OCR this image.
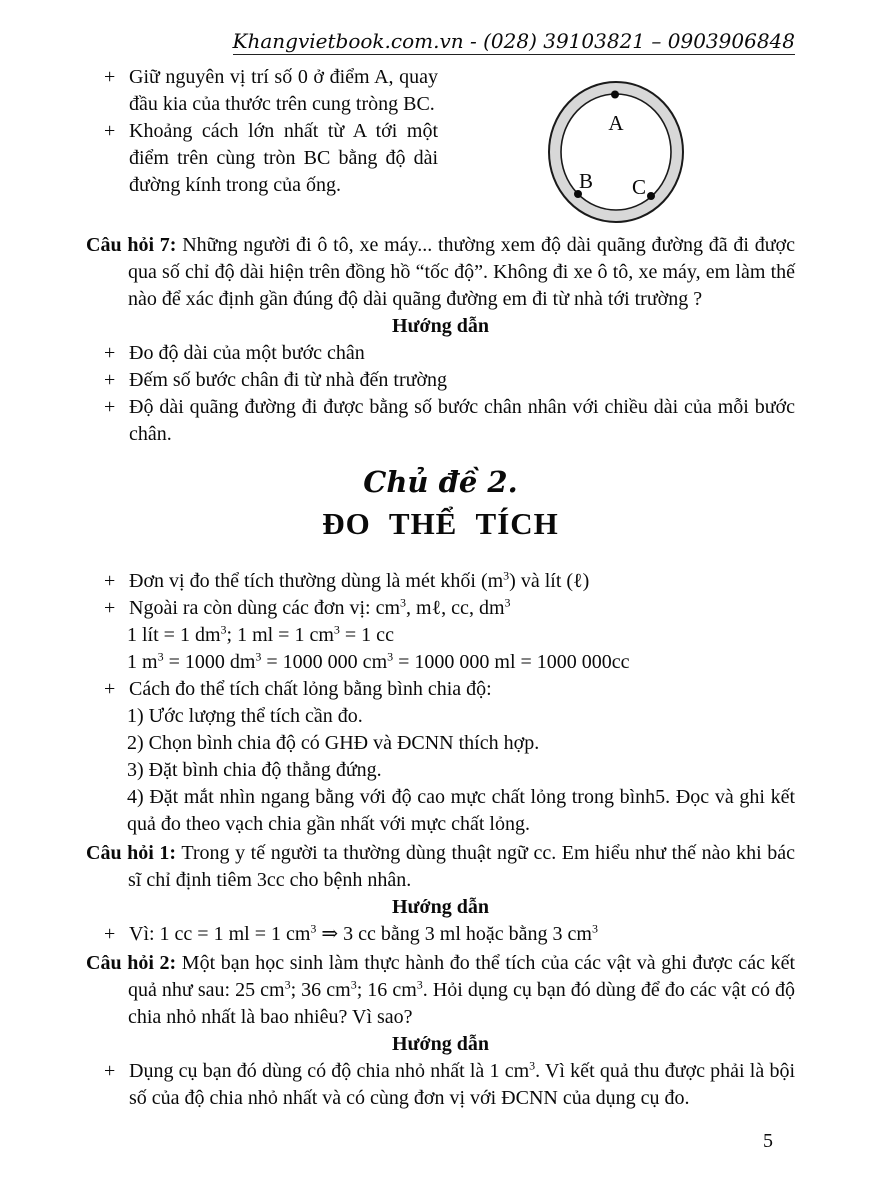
Khangvietbook.com.vn - (028) 39103821 – 0903906848
+ Giữ nguyên vị trí số 0 ở điểm A, quay đầu kia của thước trên cung tròng BC.
+ Khoảng cách lớn nhất từ A tới một điểm trên cùng tròn BC bằng độ dài đường kính trong của ống.
A
B C

Câu hỏi 7: Những người đi ô tô, xe máy... thường xem độ dài quãng đường đã đi được qua số chỉ độ dài hiện trên đồng hồ “tốc độ”. Không đi xe ô tô, xe máy, em làm thế nào để xác định gần đúng độ dài quãng đường em đi từ nhà tới trường ?

Hướng dẫn
+ Đo độ dài của một bước chân
+ Đếm số bước chân đi từ nhà đến trường
+ Độ dài quãng đường đi được bằng số bước chân nhân với chiều dài của mỗi bước chân.
Chủ đề 2.
ĐO THỂ TÍCH
+ Đơn vị đo thể tích thường dùng là mét khối $(m^3)$ và lít (ℓ)
+ Ngoài ra còn dùng các đơn vị: $cm^3$, mℓ, cc, $dm^3$
1 lít = 1 $dm^3$; 1 ml = 1 $cm^3 = 1$ cc
1 $m^3 = 1000$ $dm^3 = 1000$ 000 $cm^3 = 1000$ 000 ml = 1000 000cc
+ Cách đo thể tích chất lỏng bằng bình chia độ:
1) Ước lượng thể tích cần đo.
2) Chọn bình chia độ có GHĐ và ĐCNN thích hợp.
3) Đặt bình chia độ thẳng đứng.
4) Đặt mắt nhìn ngang bằng với độ cao mực chất lỏng trong bình5. Đọc và ghi kết quả đo theo vạch chia gần nhất với mực chất lỏng.

Câu hỏi 1: Trong y tế người ta thường dùng thuật ngữ cc. Em hiểu như thế nào khi bác sĩ chỉ định tiêm 3cc cho bệnh nhân.

Hướng dẫn
+ Vì: 1 cc = 1 ml = 1 $cm^3$ ⇒ 3 cc bằng 3 ml hoặc bằng 3 $cm^3$

Câu hỏi 2: Một bạn học sinh làm thực hành đo thể tích của các vật và ghi được các kết quả như sau: 25 $cm^3$; 36 $cm^3$; 16 $cm^3$. Hỏi dụng cụ bạn đó dùng để đo các vật có độ chia nhỏ nhất là bao nhiêu? Vì sao?

Hướng dẫn
+ Dụng cụ bạn đó dùng có độ chia nhỏ nhất là 1 $cm^3$. Vì kết quả thu được phải là bội số của độ chia nhỏ nhất và có cùng đơn vị với ĐCNN của dụng cụ đo.
5
